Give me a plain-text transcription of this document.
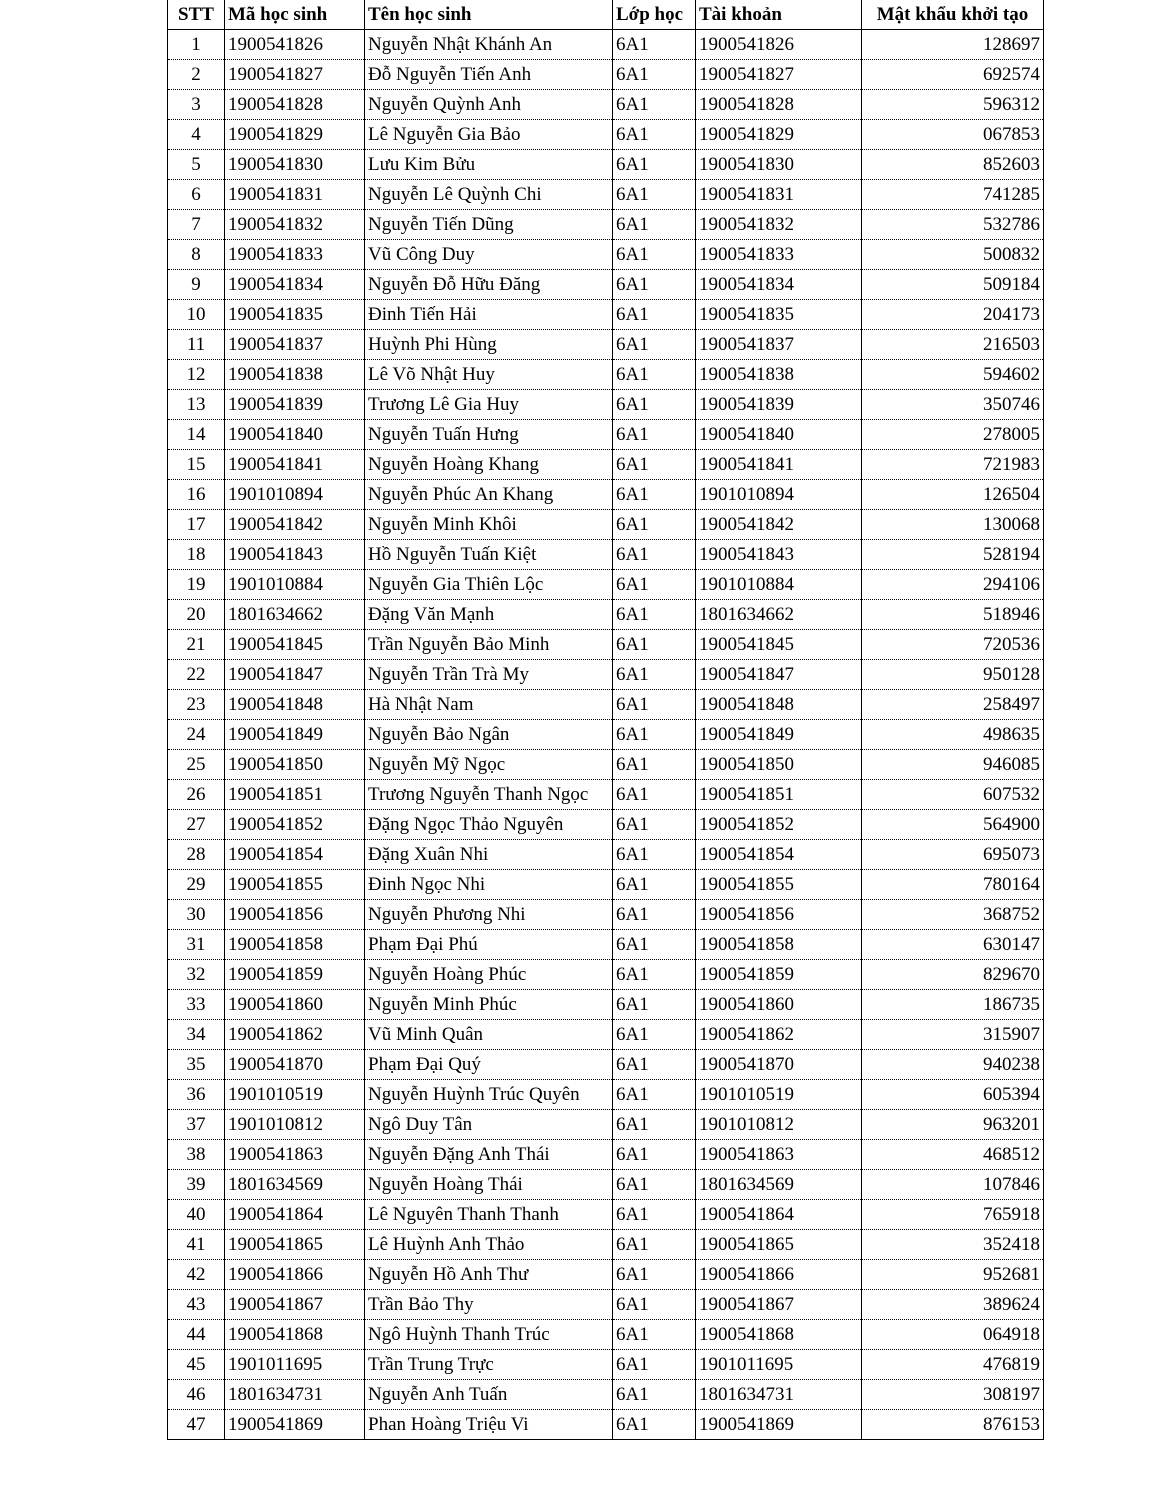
STT	Mã học sinh	Tên học sinh	Lớp học	Tài khoản	Mật khẩu khởi tạo
1	1900541826	Nguyễn Nhật Khánh An	6A1	1900541826	128697
2	1900541827	Đỗ Nguyễn Tiến Anh	6A1	1900541827	692574
3	1900541828	Nguyễn Quỳnh Anh	6A1	1900541828	596312
4	1900541829	Lê Nguyễn Gia Bảo	6A1	1900541829	067853
5	1900541830	Lưu Kim Bửu	6A1	1900541830	852603
6	1900541831	Nguyễn Lê Quỳnh Chi	6A1	1900541831	741285
7	1900541832	Nguyễn Tiến Dũng	6A1	1900541832	532786
8	1900541833	Vũ Công Duy	6A1	1900541833	500832
9	1900541834	Nguyễn Đỗ Hữu Đăng	6A1	1900541834	509184
10	1900541835	Đinh Tiến Hải	6A1	1900541835	204173
11	1900541837	Huỳnh Phi Hùng	6A1	1900541837	216503
12	1900541838	Lê Võ Nhật Huy	6A1	1900541838	594602
13	1900541839	Trương Lê Gia Huy	6A1	1900541839	350746
14	1900541840	Nguyễn Tuấn Hưng	6A1	1900541840	278005
15	1900541841	Nguyễn Hoàng Khang	6A1	1900541841	721983
16	1901010894	Nguyễn Phúc An Khang	6A1	1901010894	126504
17	1900541842	Nguyễn Minh Khôi	6A1	1900541842	130068
18	1900541843	Hồ Nguyễn Tuấn Kiệt	6A1	1900541843	528194
19	1901010884	Nguyễn Gia Thiên Lộc	6A1	1901010884	294106
20	1801634662	Đặng Văn Mạnh	6A1	1801634662	518946
21	1900541845	Trần Nguyễn Bảo Minh	6A1	1900541845	720536
22	1900541847	Nguyễn Trần Trà My	6A1	1900541847	950128
23	1900541848	Hà Nhật Nam	6A1	1900541848	258497
24	1900541849	Nguyễn Bảo Ngân	6A1	1900541849	498635
25	1900541850	Nguyễn Mỹ Ngọc	6A1	1900541850	946085
26	1900541851	Trương Nguyễn Thanh Ngọc	6A1	1900541851	607532
27	1900541852	Đặng Ngọc Thảo Nguyên	6A1	1900541852	564900
28	1900541854	Đặng Xuân Nhi	6A1	1900541854	695073
29	1900541855	Đinh Ngọc Nhi	6A1	1900541855	780164
30	1900541856	Nguyễn Phương Nhi	6A1	1900541856	368752
31	1900541858	Phạm Đại Phú	6A1	1900541858	630147
32	1900541859	Nguyễn Hoàng Phúc	6A1	1900541859	829670
33	1900541860	Nguyễn Minh Phúc	6A1	1900541860	186735
34	1900541862	Vũ Minh Quân	6A1	1900541862	315907
35	1900541870	Phạm Đại Quý	6A1	1900541870	940238
36	1901010519	Nguyễn Huỳnh Trúc Quyên	6A1	1901010519	605394
37	1901010812	Ngô Duy Tân	6A1	1901010812	963201
38	1900541863	Nguyễn Đặng Anh Thái	6A1	1900541863	468512
39	1801634569	Nguyễn Hoàng Thái	6A1	1801634569	107846
40	1900541864	Lê Nguyên Thanh Thanh	6A1	1900541864	765918
41	1900541865	Lê Huỳnh Anh Thảo	6A1	1900541865	352418
42	1900541866	Nguyễn Hồ Anh Thư	6A1	1900541866	952681
43	1900541867	Trần Bảo Thy	6A1	1900541867	389624
44	1900541868	Ngô Huỳnh Thanh Trúc	6A1	1900541868	064918
45	1901011695	Trần Trung Trực	6A1	1901011695	476819
46	1801634731	Nguyễn Anh Tuấn	6A1	1801634731	308197
47	1900541869	Phan Hoàng Triệu Vi	6A1	1900541869	876153
